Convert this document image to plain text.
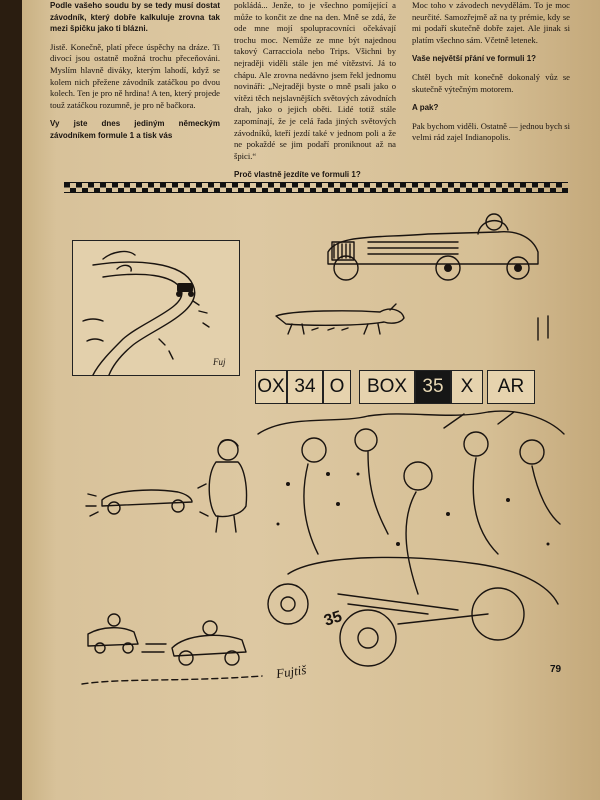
Podle vašeho soudu by se tedy musí dostat závodník, který dobře kalkuluje zrovna tak mezi špičku jako ti blázni.

Jistě. Konečně, platí přece úspěchy na dráze. Ti divocí jsou ostatně možná trochu přeceňováni. Myslím hlavně diváky, kterým lahodí, když se kolem nich přežene závodník zatáčkou po dvou kolech. Ten je pro ně hrdina! A ten, který projede touž zatáčkou rozumně, je pro ně bačkora.

Vy jste dnes jediným německým závodníkem formule 1 a tisk vás

pokládá... Jenže, to je všechno pomíjející a může to končit ze dne na den. Mně se zdá, že ode mne mojí spolupracovníci očekávají trochu moc. Nemůže ze mne být najednou takový Carracciola nebo Trips. Všichni by nejraději viděli stále jen mé vítězství. Já to chápu. Ale zrovna nedávno jsem řekl jednomu novináři: „Nejraději byste o mně psali jako o vítězi těch nejslavnějších světových závodních drah, jako o jejich oběti. Lidé totiž stále zapomínají, že je celá řada jiných světových závodníků, kteří jezdí také v jednom poli a že ne pokaždé se jim podaří proniknout až na špici.“

Proč vlastně jezdíte ve formuli 1?

Moc toho v závodech nevydělám. To je moc neurčité. Samozřejmě až na ty prémie, kdy se mi podaří skutečně dobře zajet. Ale jinak si platím všechno sám. Včetně letenek.

Vaše největší přání ve formuli 1?

Chtěl bych mít konečně dokonalý vůz se skutečně výtečným motorem.

A pak?

Pak bychom viděli. Ostatně — jednou bych si velmi rád zajel Indianopolis.

Fuj
OX 34 O	BOX 35 X	AR
35
Fujtiš	79
